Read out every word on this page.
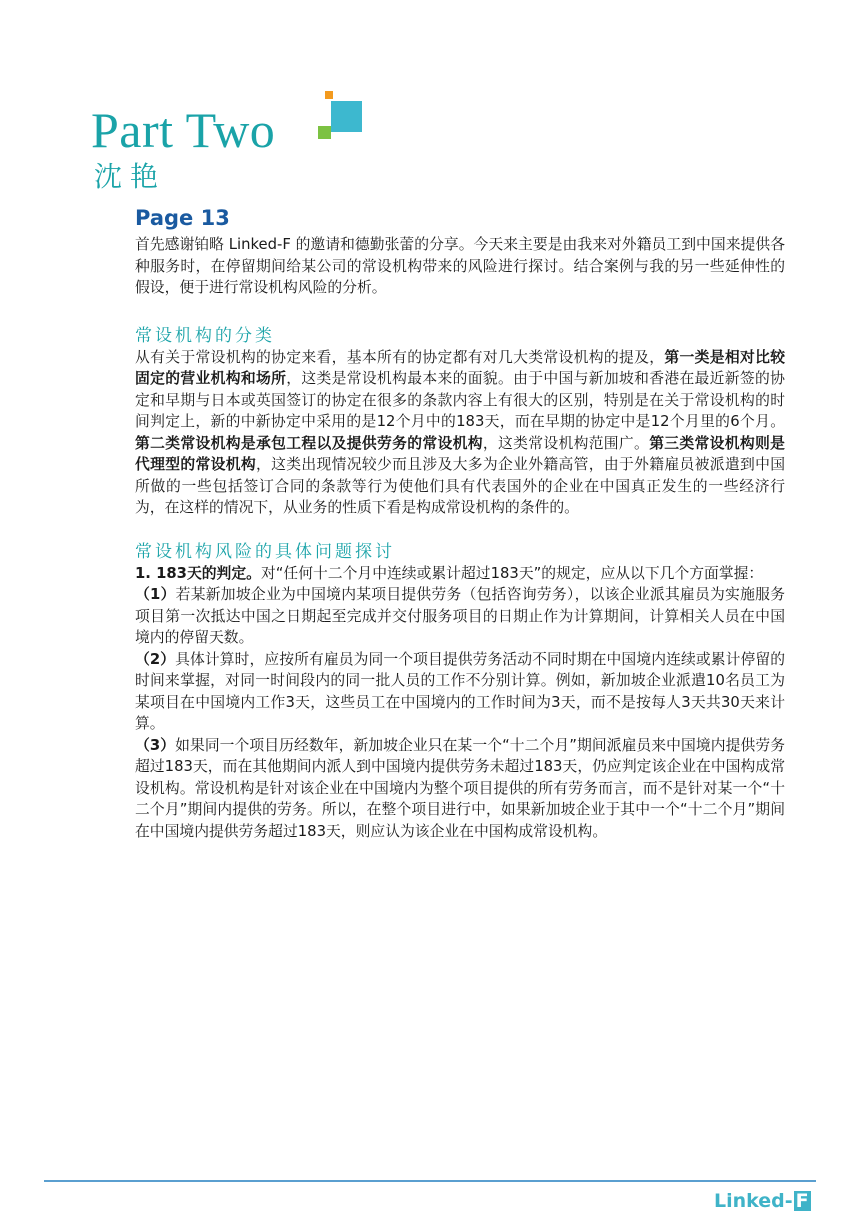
Part Two
沈艳
Page 13

首先感谢铂略 Linked-F 的邀请和德勤张蕾的分享。今天来主要是由我来对外籍员工到中国来提供各种服务时，在停留期间给某公司的常设机构带来的风险进行探讨。结合案例与我的另一些延伸性的假设，便于进行常设机构风险的分析。

常设机构的分类

从有关于常设机构的协定来看，基本所有的协定都有对几大类常设机构的提及，第一类是相对比较固定的营业机构和场所，这类是常设机构最本来的面貌。由于中国与新加坡和香港在最近新签的协定和早期与日本或英国签订的协定在很多的条款内容上有很大的区别，特别是在关于常设机构的时间判定上，新的中新协定中采用的是12个月中的183天，而在早期的协定中是12个月里的6个月。第二类常设机构是承包工程以及提供劳务的常设机构，这类常设机构范围广。第三类常设机构则是代理型的常设机构，这类出现情况较少而且涉及大多为企业外籍高管，由于外籍雇员被派遣到中国所做的一些包括签订合同的条款等行为使他们具有代表国外的企业在中国真正发生的一些经济行为，在这样的情况下，从业务的性质下看是构成常设机构的条件的。

常设机构风险的具体问题探讨

1. 183天的判定。对“任何十二个月中连续或累计超过183天”的规定，应从以下几个方面掌握：

（1）若某新加坡企业为中国境内某项目提供劳务（包括咨询劳务），以该企业派其雇员为实施服务项目第一次抵达中国之日期起至完成并交付服务项目的日期止作为计算期间，计算相关人员在中国境内的停留天数。

（2）具体计算时，应按所有雇员为同一个项目提供劳务活动不同时期在中国境内连续或累计停留的时间来掌握，对同一时间段内的同一批人员的工作不分别计算。例如，新加坡企业派遣10名员工为某项目在中国境内工作3天，这些员工在中国境内的工作时间为3天，而不是按每人3天共30天来计算。

（3）如果同一个项目历经数年，新加坡企业只在某一个“十二个月”期间派雇员来中国境内提供劳务超过183天，而在其他期间内派人到中国境内提供劳务未超过183天，仍应判定该企业在中国构成常设机构。常设机构是针对该企业在中国境内为整个项目提供的所有劳务而言，而不是针对某一个“十二个月”期间内提供的劳务。所以，在整个项目进行中，如果新加坡企业于其中一个“十二个月”期间在中国境内提供劳务超过183天，则应认为该企业在中国构成常设机构。

Linked- F
